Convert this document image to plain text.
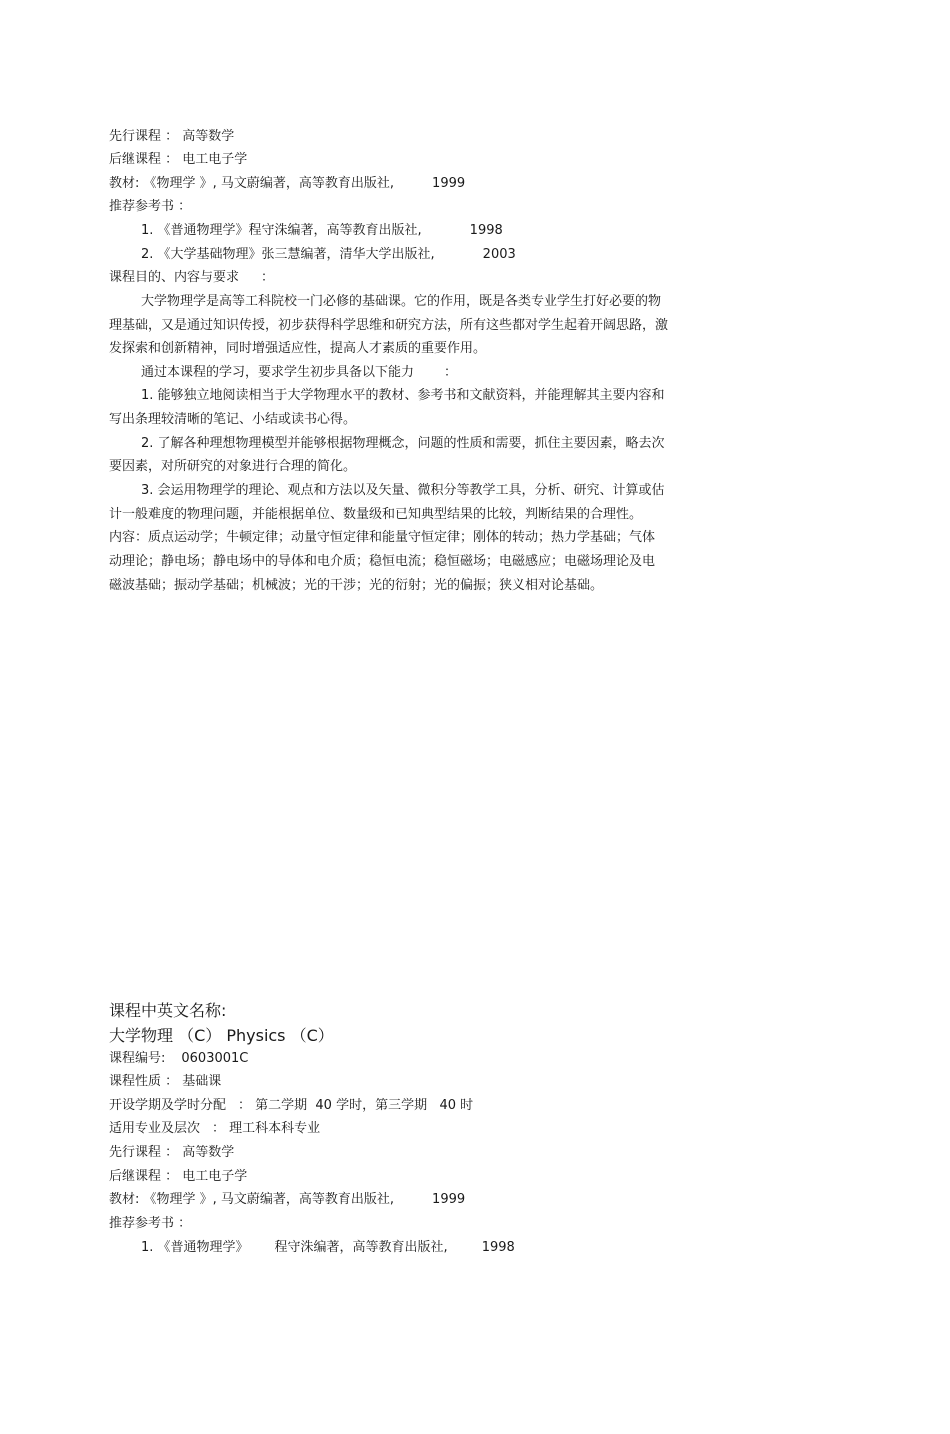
先行课程 ： 高等数学
后继课程 ： 电工电子学
教材: 《物理学 》, 马文蔚编著，高等教育出版社,	1999
推荐参考书 ：
1. 《普通物理学》程守洙编著，高等教育出版社,	1998
2. 《大学基础物理》张三慧编著，清华大学出版社,	2003
课程目的、内容与要求 ：
大学物理学是高等工科院校一门必修的基础课。它的作用，既是各类专业学生打好必要的物
理基础，又是通过知识传授，初步获得科学思维和研究方法，所有这些都对学生起着开阔思路，激
发探索和创新精神，同时增强适应性，提高人才素质的重要作用。
通过本课程的学习，要求学生初步具备以下能力 ：
1. 能够独立地阅读相当于大学物理水平的教材、参考书和文献资料，并能理解其主要内容和
写出条理较清晰的笔记、小结或读书心得。
2. 了解各种理想物理模型并能够根据物理概念，问题的性质和需要，抓住主要因素，略去次
要因素，对所研究的对象进行合理的简化。
3. 会运用物理学的理论、观点和方法以及矢量、微积分等教学工具，分析、研究、计算或估
计一般难度的物理问题，并能根据单位、数量级和已知典型结果的比较，判断结果的合理性。
内容：质点运动学；牛顿定律；动量守恒定律和能量守恒定律；刚体的转动；热力学基础；气体
动理论；静电场；静电场中的导体和电介质；稳恒电流；稳恒磁场；电磁感应；电磁场理论及电
磁波基础；振动学基础；机械波；光的干涉；光的衍射；光的偏振；狭义相对论基础。
课程中英文名称:
大学物理 （C） Physics （C）
课程编号: 0603001C
课程性质 ： 基础课
开设学期及学时分配 ： 第二学期  40 学时，第三学期   40 时
适用专业及层次 ： 理工科本科专业
先行课程 ： 高等数学
后继课程 ： 电工电子学
教材: 《物理学 》, 马文蔚编著，高等教育出版社,	1999
推荐参考书 ：
1. 《普通物理学》 程守洙编著，高等教育出版社,	1998
